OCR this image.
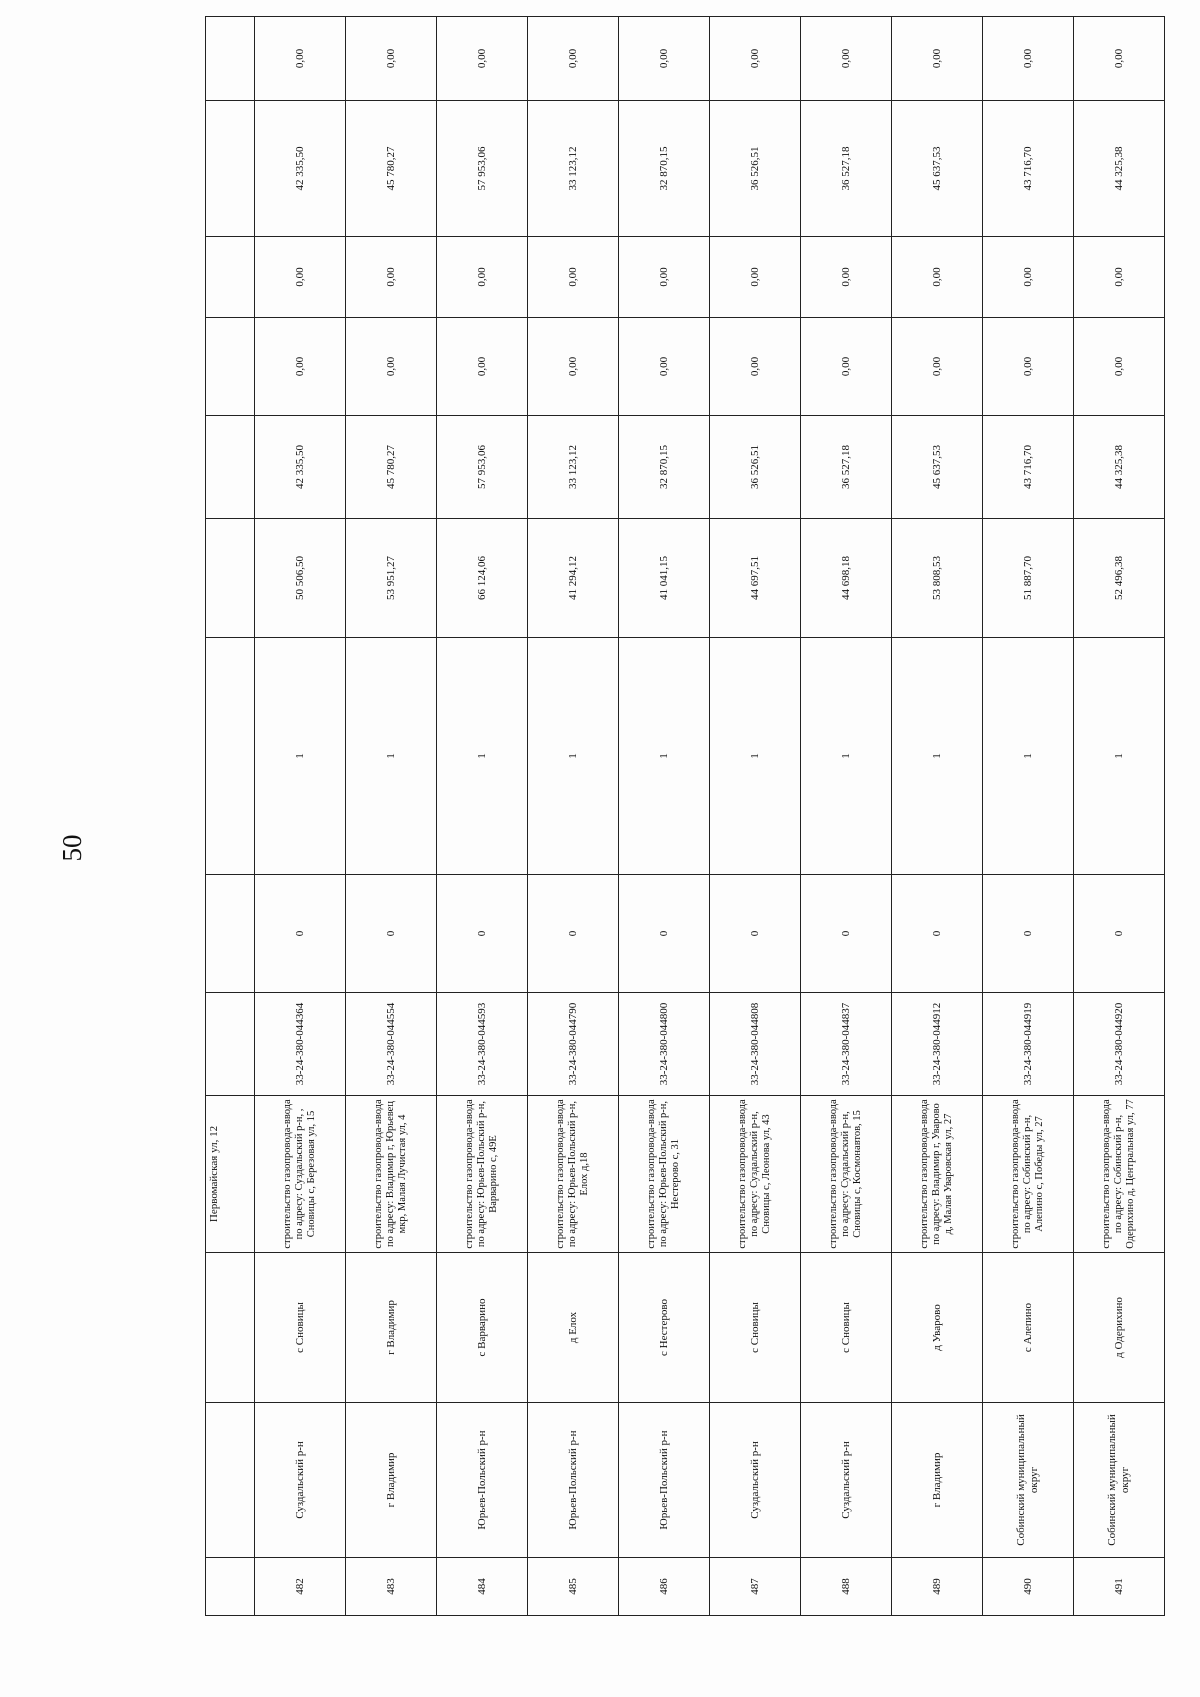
50
			Первомайская ул, 12									
482	Суздальский р-н	с Сновицы	строительство газопровода-ввода по адресу: Суздальский р-н, , Сновицы с, Березовая ул, 15	33-24-380-044364	0	1	50 506,50	42 335,50	0,00	0,00	42 335,50	0,00
483	г Владимир	г Владимир	строительство газопровода-ввода по адресу: Владимир г, Юрьевец мкр, Малая Лучистая ул, 4	33-24-380-044554	0	1	53 951,27	45 780,27	0,00	0,00	45 780,27	0,00
484	Юрьев-Польский р-н	с Варварино	строительство газопровода-ввода по адресу: Юрьев-Польский р-н, Варварино с, 49Е	33-24-380-044593	0	1	66 124,06	57 953,06	0,00	0,00	57 953,06	0,00
485	Юрьев-Польский р-н	д Елох	строительство газопровода-ввода по адресу: Юрьев-Польский р-н, Елох д,18	33-24-380-044790	0	1	41 294,12	33 123,12	0,00	0,00	33 123,12	0,00
486	Юрьев-Польский р-н	с Нестерово	строительство газопровода-ввода по адресу: Юрьев-Польский р-н, Нестерово с, 31	33-24-380-044800	0	1	41 041,15	32 870,15	0,00	0,00	32 870,15	0,00
487	Суздальский р-н	с Сновицы	строительство газопровода-ввода по адресу: Суздальский р-н, Сновицы с, Леонова ул, 43	33-24-380-044808	0	1	44 697,51	36 526,51	0,00	0,00	36 526,51	0,00
488	Суздальский р-н	с Сновицы	строительство газопровода-ввода по адресу: Суздальский р-н, Сновицы с, Космонавтов, 15	33-24-380-044837	0	1	44 698,18	36 527,18	0,00	0,00	36 527,18	0,00
489	г Владимир	д Уварово	строительство газопровода-ввода по адресу: Владимир г, Уварово д, Малая Уваровская ул, 27	33-24-380-044912	0	1	53 808,53	45 637,53	0,00	0,00	45 637,53	0,00
490	Собинский муниципальный округ	с Алепино	строительство газопровода-ввода по адресу: Собинский р-н, Алепино с, Победы ул, 27	33-24-380-044919	0	1	51 887,70	43 716,70	0,00	0,00	43 716,70	0,00
491	Собинский муниципальный округ	д Одерихино	строительство газопровода-ввода по адресу: Собинский р-н, Одерихино д, Центральная ул, 77	33-24-380-044920	0	1	52 496,38	44 325,38	0,00	0,00	44 325,38	0,00
